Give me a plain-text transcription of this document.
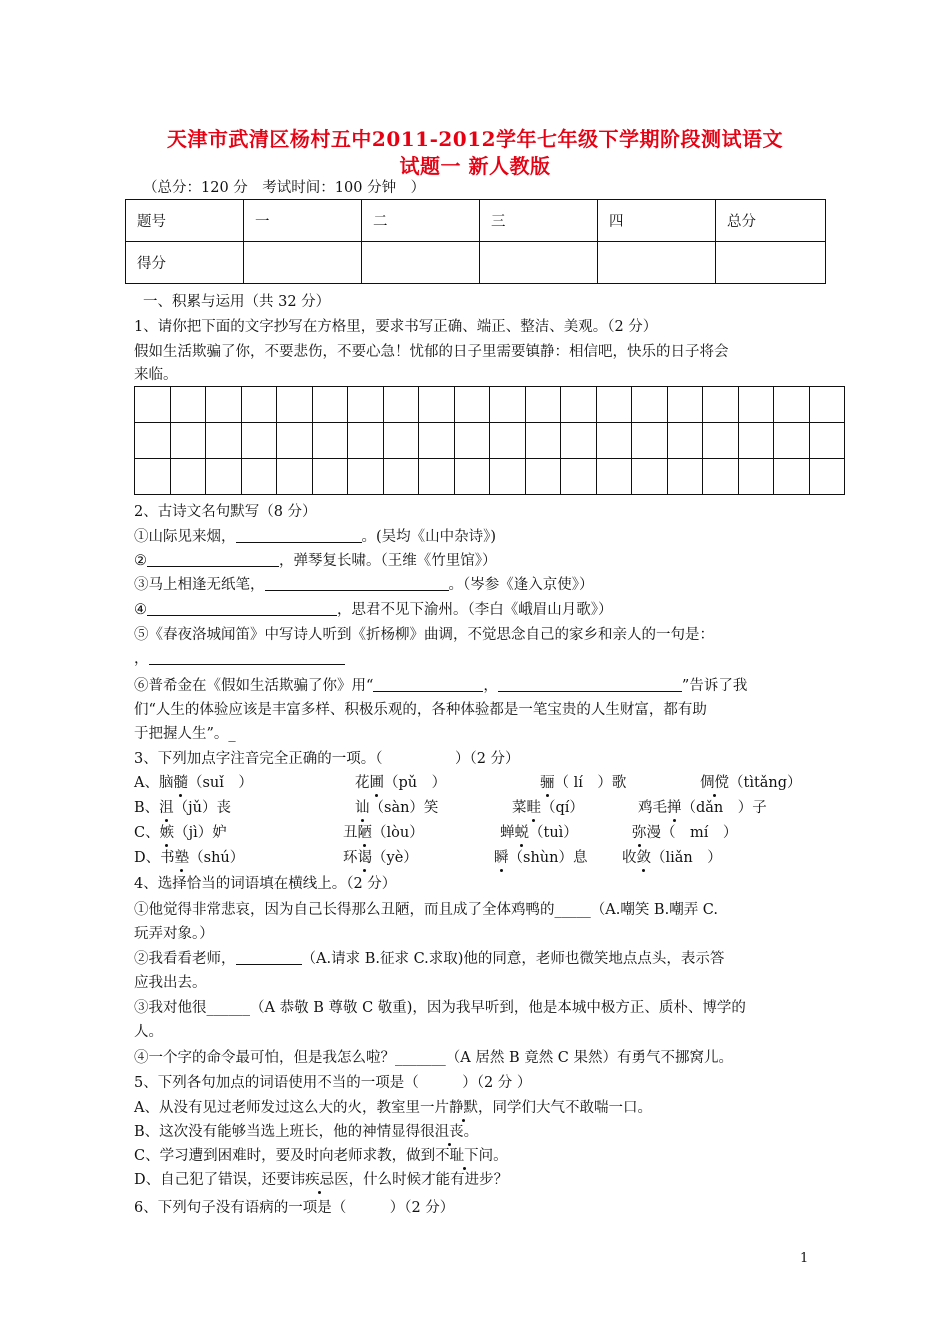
天津市武清区杨村五中2011-2012学年七年级下学期阶段测试语文
试题一 新人教版
（总分：120 分　考试时间：100 分钟　）
题号	一	二	三	四	总分
得分					
一、积累与运用（共 32 分）
1、请你把下面的文字抄写在方格里，要求书写正确、端正、整洁、美观。（2 分）
假如生活欺骗了你，不要悲伤，不要心急！忧郁的日子里需要镇静：相信吧，快乐的日子将会
来临。

2、古诗文名句默写（8 分）
①山际见来烟，	。(吴均《山中杂诗》)
②	，弹琴复长啸。（王维《竹里馆》）
③马上相逢无纸笔，	。（岑参《逢入京使》）
④	，思君不见下渝州。（李白《峨眉山月歌》）
⑤《春夜洛城闻笛》中写诗人听到《折杨柳》曲调，不觉思念自己的家乡和亲人的一句是：
，
⑥普希金在《假如生活欺骗了你》用“	，	”告诉了我
们“人生的体验应该是丰富多样、积极乐观的，各种体验都是一笔宝贵的人生财富，都有助
于把握人生”。_
3、下列加点字注音完全正确的一项。（　　　　　）（2 分）
A、脑髓（suǐ　）	花圃（pǔ　）	骊（ lí　）歌	倜傥（tìtǎng）
B、沮（jǔ）丧	讪（sàn）笑	菜畦（qí）	鸡毛掸（dǎn　）子
C、嫉（jì）妒	丑陋（lòu）	蝉蜕（tuì）	弥漫（　mí　）
D、书塾（shú）	环谒（yè）	瞬（shùn）息 收敛（liǎn　）
4、选择恰当的词语填在横线上。（2 分）
①他觉得非常悲哀，因为自己长得那么丑陋，而且成了全体鸡鸭的_____（A.嘲笑 B.嘲弄 C.
玩弄对象。）
②我看看老师，	（A.请求 B.征求 C.求取)他的同意，老师也微笑地点点头，表示答
应我出去。
③我对他很______（A 恭敬 B 尊敬 C 敬重)，因为我早听到，他是本城中极方正、质朴、博学的
人。
④一个字的命令最可怕，但是我怎么啦？_______（A 居然 B 竟然 C 果然）有勇气不挪窝儿。
5、下列各句加点的词语使用不当的一项是（　　　）（2 分 ）
A、从没有见过老师发过这么大的火，教室里一片静默，同学们大气不敢喘一口。
B、这次没有能够当选上班长，他的神情显得很沮丧。
C、学习遭到困难时，要及时向老师求教，做到不耻下问。
D、自己犯了错误，还要讳疾忌医，什么时候才能有进步？
6、下列句子没有语病的一项是（　　　）（2 分）
1
